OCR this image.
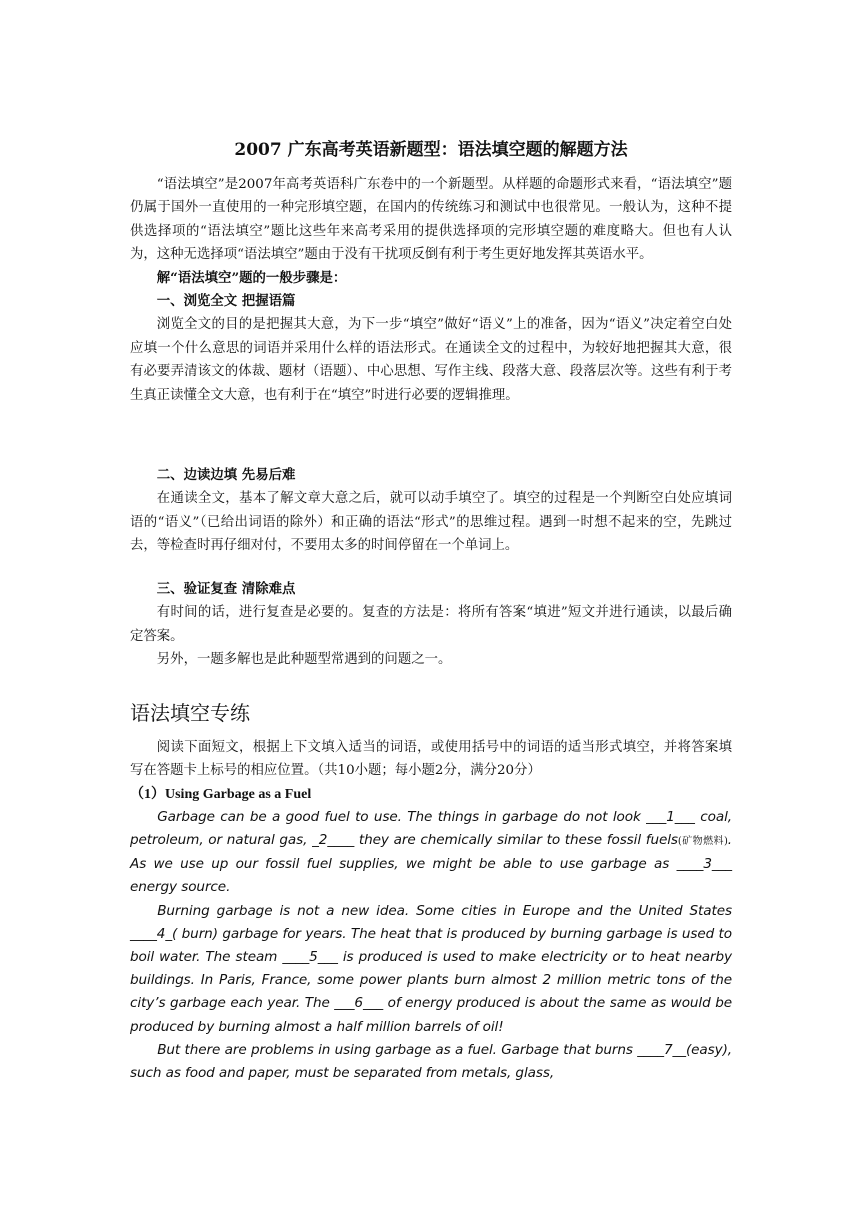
2007 广东高考英语新题型：语法填空题的解题方法

“语法填空”是2007年高考英语科广东卷中的一个新题型。从样题的命题形式来看，“语法填空”题仍属于国外一直使用的一种完形填空题，在国内的传统练习和测试中也很常见。一般认为，这种不提供选择项的“语法填空”题比这些年来高考采用的提供选择项的完形填空题的难度略大。但也有人认为，这种无选择项“语法填空”题由于没有干扰项反倒有利于考生更好地发挥其英语水平。

解“语法填空”题的一般步骤是：

一、浏览全文 把握语篇

浏览全文的目的是把握其大意，为下一步“填空”做好“语义”上的准备，因为“语义”决定着空白处应填一个什么意思的词语并采用什么样的语法形式。在通读全文的过程中，为较好地把握其大意，很有必要弄清该文的体裁、题材（语题）、中心思想、写作主线、段落大意、段落层次等。这些有利于考生真正读懂全文大意，也有利于在“填空”时进行必要的逻辑推理。

二、边读边填 先易后难

在通读全文，基本了解文章大意之后，就可以动手填空了。填空的过程是一个判断空白处应填词语的“语义”（已给出词语的除外）和正确的语法“形式”的思维过程。遇到一时想不起来的空，先跳过去，等检查时再仔细对付，不要用太多的时间停留在一个单词上。

三、验证复查 清除难点

有时间的话，进行复查是必要的。复查的方法是：将所有答案“填进”短文并进行通读，以最后确定答案。

另外，一题多解也是此种题型常遇到的问题之一。

语法填空专练

阅读下面短文，根据上下文填入适当的词语，或使用括号中的词语的适当形式填空，并将答案填写在答题卡上标号的相应位置。（共10小题；每小题2分，满分20分）

（1）Using Garbage as a Fuel

Garbage can be a good fuel to use. The things in garbage do not look ___1___ coal, petroleum, or natural gas, _2____ they are chemically similar to these fossil fuels(矿物燃料). As we use up our fossil fuel supplies, we might be able to use garbage as ____3___ energy source.

Burning garbage is not a new idea. Some cities in Europe and the United States ____4_( burn) garbage for years. The heat that is produced by burning garbage is used to boil water. The steam ____5___ is produced is used to make electricity or to heat nearby buildings. In Paris, France, some power plants burn almost 2 million metric tons of the city’s garbage each year. The ___6___ of energy produced is about the same as would be produced by burning almost a half million barrels of oil!

But there are problems in using garbage as a fuel. Garbage that burns ____7__(easy), such as food and paper, must be separated from metals, glass,
